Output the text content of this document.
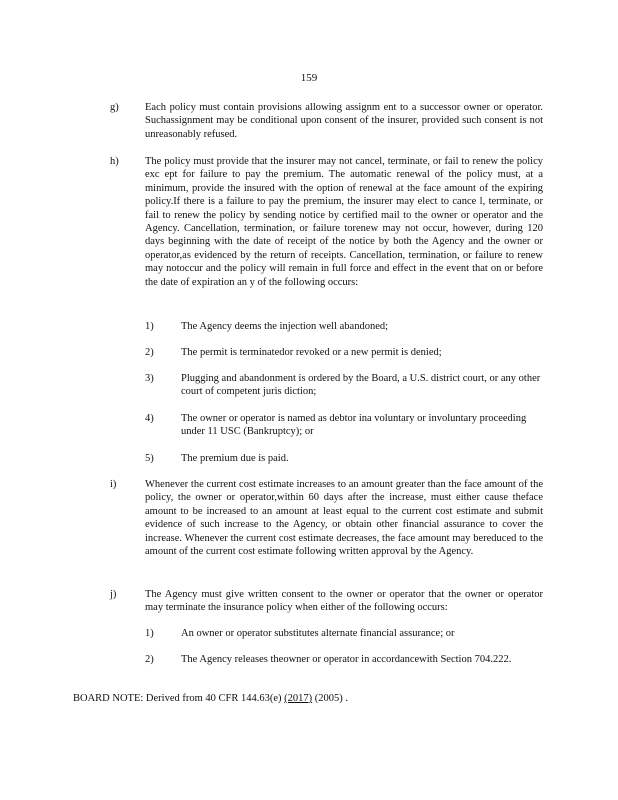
159
g)	Each policy must contain provisions allowing assignm ent to a successor owner or operator. Suchassignment may be conditional upon consent of the insurer, provided such consent is not unreasonably refused.

h)	The policy must provide that the insurer may not cancel, terminate, or fail to renew the policy exc ept for failure to pay the premium. The automatic renewal of the policy must, at a minimum, provide the insured with the option of renewal at the face amount of the expiring policy.If there is a failure to pay the premium, the insurer may elect to cance l, terminate, or fail to renew the policy by sending notice by certified mail to the owner or operator and the Agency. Cancellation, termination, or failure torenew may not occur, however, during 120 days beginning with the date of receipt of the notice by both the Agency and the owner or operator,as evidenced by the return of receipts. Cancellation, termination, or failure to renew may notoccur and the policy will remain in full force and effect in the event that on or before the date of expiration an y of the following occurs:

1)	The Agency deems the injection well abandoned;

2)	The permit is terminatedor revoked or a new permit is denied;

3)	Plugging and abandonment is ordered by the Board, a U.S. district court, or any other court of competent juris diction;

4)	The owner or operator is named as debtor ina voluntary or involuntary proceeding under 11 USC (Bankruptcy); or

5)	The premium due is paid.

i)	Whenever the current cost estimate increases to an amount greater than the face amount of the policy, the owner or operator,within 60 days after the increase, must either cause theface amount to be increased to an amount at least equal to the current cost estimate and submit evidence of such increase to the Agency, or obtain other financial assurance to cover the increase. Whenever the current cost estimate decreases, the face amount may bereduced to the amount of the current cost estimate following written approval by the Agency.

j)	The Agency must give written consent to the owner or operator that the owner or operator may terminate the insurance policy when either of the following occurs:

1)	An owner or operator substitutes alternate financial assurance; or

2)	The Agency releases theowner or operator in accordancewith Section 704.222.

BOARD NOTE: Derived from 40 CFR 144.63(e) (2017) (2005) .
